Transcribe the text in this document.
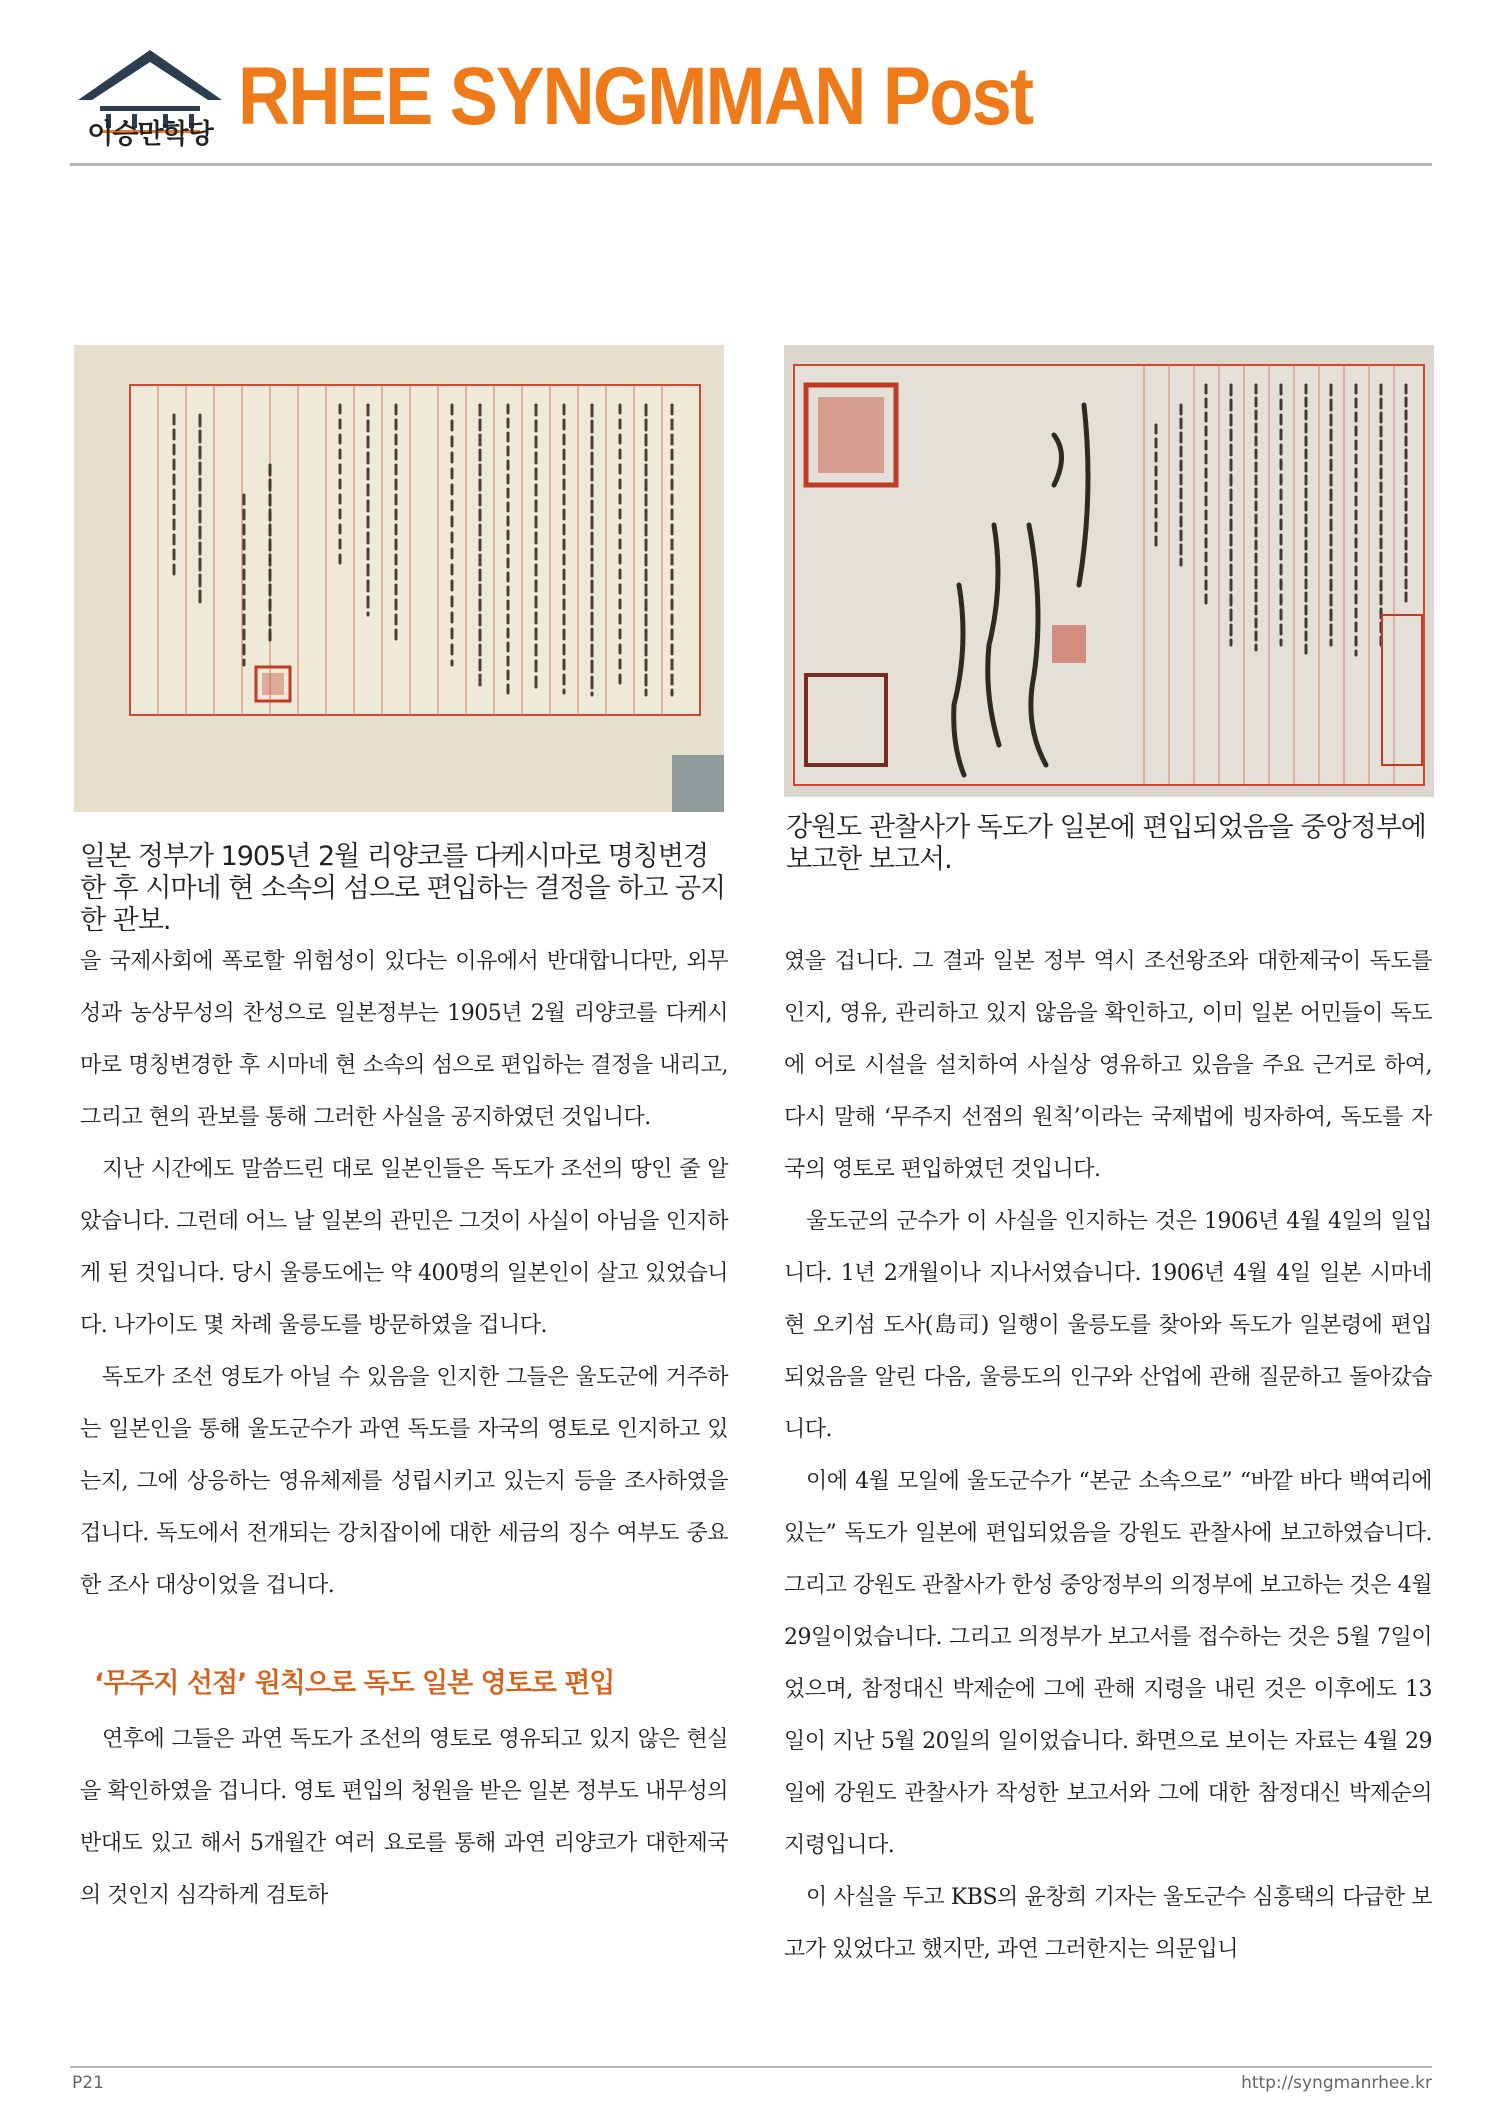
이승만학당 RHEE SYNGMMAN Post
일본 정부가 1905년 2월 리양코를 다케시마로 명칭변경한 후 시마네 현 소속의 섬으로 편입하는 결정을 하고 공지한 관보.
강원도 관찰사가 독도가 일본에 편입되었음을 중앙정부에 보고한 보고서.

을 국제사회에 폭로할 위험성이 있다는 이유에서 반대합니다만, 외무성과 농상무성의 찬성으로 일본정부는 1905년 2월 리양코를 다케시마로 명칭변경한 후 시마네 현 소속의 섬으로 편입하는 결정을 내리고, 그리고 현의 관보를 통해 그러한 사실을 공지하였던 것입니다.

지난 시간에도 말씀드린 대로 일본인들은 독도가 조선의 땅인 줄 알았습니다. 그런데 어느 날 일본의 관민은 그것이 사실이 아님을 인지하게 된 것입니다. 당시 울릉도에는 약 400명의 일본인이 살고 있었습니다. 나가이도 몇 차례 울릉도를 방문하였을 겁니다.

독도가 조선 영토가 아닐 수 있음을 인지한 그들은 울도군에 거주하는 일본인을 통해 울도군수가 과연 독도를 자국의 영토로 인지하고 있는지, 그에 상응하는 영유체제를 성립시키고 있는지 등을 조사하였을 겁니다. 독도에서 전개되는 강치잡이에 대한 세금의 징수 여부도 중요한 조사 대상이었을 겁니다.

‘무주지 선점’ 원칙으로 독도 일본 영토로 편입

연후에 그들은 과연 독도가 조선의 영토로 영유되고 있지 않은 현실을 확인하였을 겁니다. 영토 편입의 청원을 받은 일본 정부도 내무성의 반대도 있고 해서 5개월간 여러 요로를 통해 과연 리양코가 대한제국의 것인지 심각하게 검토하

였을 겁니다. 그 결과 일본 정부 역시 조선왕조와 대한제국이 독도를 인지, 영유, 관리하고 있지 않음을 확인하고, 이미 일본 어민들이 독도에 어로 시설을 설치하여 사실상 영유하고 있음을 주요 근거로 하여, 다시 말해 ‘무주지 선점의 원칙’이라는 국제법에 빙자하여, 독도를 자국의 영토로 편입하였던 것입니다.

울도군의 군수가 이 사실을 인지하는 것은 1906년 4월 4일의 일입니다. 1년 2개월이나 지나서였습니다. 1906년 4월 4일 일본 시마네현 오키섬 도사(島司) 일행이 울릉도를 찾아와 독도가 일본령에 편입되었음을 알린 다음, 울릉도의 인구와 산업에 관해 질문하고 돌아갔습니다.

이에 4월 모일에 울도군수가 “본군 소속으로” “바깥 바다 백여리에 있는” 독도가 일본에 편입되었음을 강원도 관찰사에 보고하였습니다. 그리고 강원도 관찰사가 한성 중앙정부의 의정부에 보고하는 것은 4월 29일이었습니다. 그리고 의정부가 보고서를 접수하는 것은 5월 7일이었으며, 참정대신 박제순에 그에 관해 지령을 내린 것은 이후에도 13일이 지난 5월 20일의 일이었습니다. 화면으로 보이는 자료는 4월 29일에 강원도 관찰사가 작성한 보고서와 그에 대한 참정대신 박제순의 지령입니다.

이 사실을 두고 KBS의 윤창희 기자는 울도군수 심흥택의 다급한 보고가 있었다고 했지만, 과연 그러한지는 의문입니

P21	http://syngmanrhee.kr
